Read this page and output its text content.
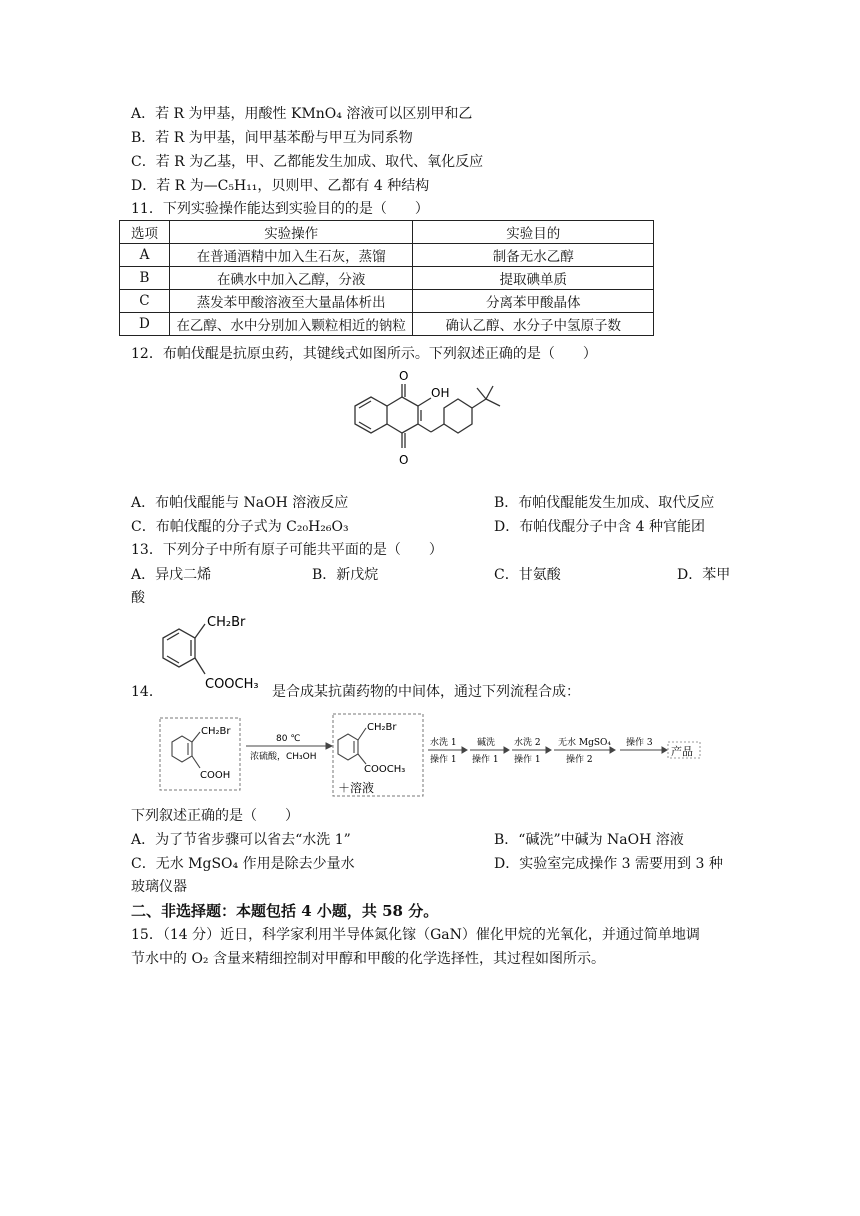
A．若 R 为甲基，用酸性 KMnO₄ 溶液可以区别甲和乙
B．若 R 为甲基，间甲基苯酚与甲互为同系物
C．若 R 为乙基，甲、乙都能发生加成、取代、氧化反应
D．若 R 为—C₅H₁₁，贝则甲、乙都有 4 种结构
11．下列实验操作能达到实验目的的是（　　）
选项	实验操作	实验目的
A	在普通酒精中加入生石灰，蒸馏	制备无水乙醇
B	在碘水中加入乙醇，分液	提取碘单质
C	蒸发苯甲酸溶液至大量晶体析出	分离苯甲酸晶体
D	在乙醇、水中分别加入颗粒相近的钠粒	确认乙醇、水分子中氢原子数
12．布帕伐醌是抗原虫药，其键线式如图所示。下列叙述正确的是（　　）
O
OH
O
A．布帕伐醌能与 NaOH 溶液反应	B．布帕伐醌能发生加成、取代反应
C．布帕伐醌的分子式为 C₂₀H₂₆O₃	D．布帕伐醌分子中含 4 种官能团
13．下列分子中所有原子可能共平面的是（　　）
A．异戊二烯	B．新戊烷	C．甘氨酸	D．苯甲
酸
CH₂Br
COOCH₃
14．	是合成某抗菌药物的中间体，通过下列流程合成：
CH₂Br
COOH
80 ℃
浓硫酸，CH₃OH
CH₂Br
COOCH₃
＋溶液
水洗 1
操作 1
碱洗
操作 1
水洗 2
操作 1
无水 MgSO₄
操作 2
操作 3
产品
下列叙述正确的是（　　）
A．为了节省步骤可以省去“水洗 1”	B．“碱洗”中碱为 NaOH 溶液
C．无水 MgSO₄ 作用是除去少量水	D．实验室完成操作 3 需要用到 3 种
玻璃仪器
二、非选择题：本题包括 4 小题，共 58 分。
15．（14 分）近日，科学家利用半导体氮化镓（GaN）催化甲烷的光氧化，并通过简单地调
节水中的 O₂ 含量来精细控制对甲醇和甲酸的化学选择性，其过程如图所示。
